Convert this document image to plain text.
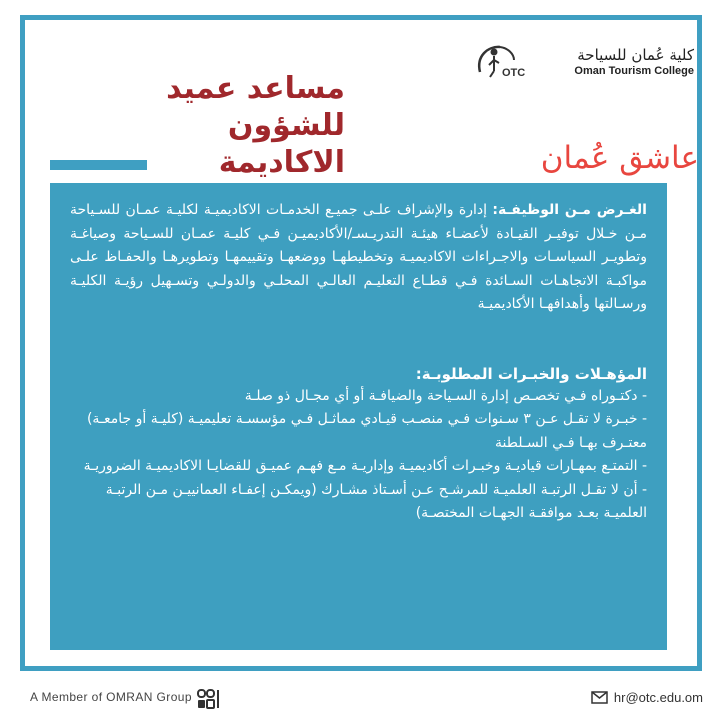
OTC
كلية عُمان للسياحة
Oman Tourism College
مساعد عميد للشؤون
الاكاديمة	عاشق عُمان
الغـرض مـن الوظيفـة: إدارة والإشراف علـى جميـع الخدمـات الاكاديميـة لكليـة عمـان للسـياحة مـن خـلال توفيـر القيـادة لأعضـاء هيئـة التدريـسـ/الأكاديميـن فـي كليـة عمـان للسـياحة وصياغـة وتطويـر السياسـات والاجـراءات الاكاديميـة وتخطيطهـا ووضعهـا وتقييمهـا وتطويرهـا والحفـاظ علـى مواكبـة الاتجاهـات السـائدة فـي قطـاع التعليـم العالـي المحلـي والدولـي وتسـهيل رؤيـة الكليـة ورسـالتها وأهدافهـا الأكاديميـة
المؤهـلات والخبـرات المطلوبـة:
- دكتـوراه فـي تخصـص إدارة السـياحة والضيافـة أو أي مجـال ذو صلـة
- خبـرة لا تقـل عـن ٣ سـنوات فـي منصـب قيـادي مماثـل فـي مؤسسـة تعليميـة (كليـة أو جامعـة) معتـرف بهـا فـي السـلطنة
- التمتـع بمهـارات قياديـة وخبـرات أكاديميـة وإداريـة مـع فهـم عميـق للقضايـا الاكاديميـة الضروريـة
- أن لا تقـل الرتبـة العلميـة للمرشـح عـن أسـتاذ مشـارك (ويمكـن إعفـاء العمانييـن مـن الرتبـة العلميـة بعـد موافقـة الجهـات المختصـة)
A Member of OMRAN Group	hr@otc.edu.om
